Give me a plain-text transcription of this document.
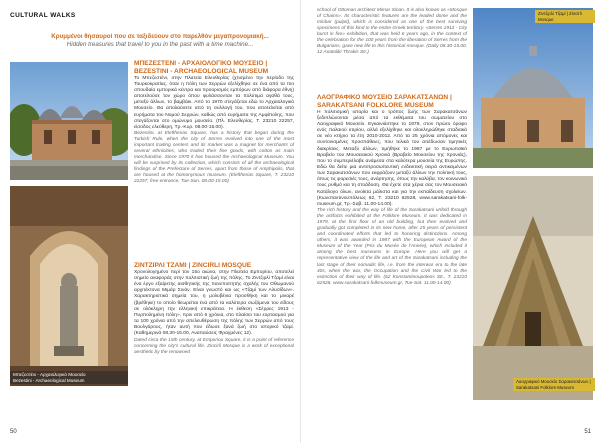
CULTURAL WALKS
Κρυμμένοι θησαυροί που σε ταξιδεύουν στο παρελθόν μεγαπρονομιακή...
Hidden treasures that travel to you in the past with a time machine...
ΜΠΕΖΕΣΤΕΝΙ - ΑΡΧΑΙΟΛΟΓΙΚΟ ΜΟΥΣΕΙΟ |
BEZESTINI - ARCHAEOLOGICAL MUSEUM

Το Μπεζεστένι, στην Πλατεία Ελευθερίας (χτισμένο την περίοδο της Τουρκοκρατίας, όταν η πόλη των Σερρών εξελίχθηκε σε ένα από τα πιο σπουδαία εμπορικά κέντρα και προορισμός εμπόρων από διάφορα έθνη) αποτελούσε τον χώρο όπου φυλάσσονταν τα πολύτιμα αγαθά τους, μεταξύ άλλων, το βαμβάκι. Από το 1970 στεγάζεται εδώ το Αρχαιολογικό Μουσείο. Θα απολαύσετε από τη συλλογή του, που αποτελείται από ευρήματα του Νομού Σερρών, καθώς από ευρήματα της Αμφίπολης, που στεγάζονται στο ομώνυμο μουσείο. (Πλ. Ελευθερίας, Τ. 23210 22257, είσοδος ελεύθερη, Τρ.-Κυρ. 08.00-15.00).

Bezestini, at Eleftherias Square, has a history that began during the Turkish Rule, when the city of Serres evolved into one of the most important trading centers and its market was a magnet for merchants of several ethnicities, who traded their fine goods, with cotton as main merchandise. Since 1970 it has housed the Archaeological Museum. You will be surprised by its collection, which consists of all the archaeological findings of the Prefecture of Serres, apart from those of Amphipolis, that are housed at the homonymous museum. (Eleftherias Square, T. 23210 22257, free entrance, Tue-Sun. 08.00-15.00)

Μπεζεστένι - Αρχαιολογικό Μουσείο
Bezestini - Archaeological Museum
ΖΙΝΤΖΙΡΛΙ ΤΖΑΜΙ | ZINCIRLI MOSQUE

Χρονολογημένο περί τον 15ο αιώνα, στην Πλατεία Εμπορίου, αποτελεί σημείο αναφοράς στην πολιτιστική ζωή της πόλης. Το Ζιντζιρλί Τζαμί είναι ένα έργο εξαίρετης αισθητικής της πανεπιστητής σχολής του Οθωμανού αρχιτέκτονα Μιμάρ Σινάν. Είναι γνωστό και ως «Τζαμί των Αλυσίδων». Χαρακτηριστικά σημεία του, η μολυβένια προσθήκη και το μιναρέ (βρέθηκε) το οποίο θεωρείται ένα από τα καλύτερα σωζόμενα του είδους σε ολόκληρη την ελληνική επικράτεια. Η έκθεση «Σέρρες 1913 - Πυρπολημένη πόλη», πριν από 6 χρόνια, στο πλαίσιο του εορτασμού για τα 100 χρόνια από την απελευθέρωση της πόλης των Σερρών από τους Βουλγάρους, ήταν αυτή που έδωσε ξανά ζωή στο ιστορικό τζαμί. (Καθημερινά 08.30-15.00, Αναπαύσεις Φραγμένες 12).

Dated circa the 15th century, at Emporiou Square, it is a point of reference concerning the city's cultural life. Zincirli Mosque is a work of exceptional aesthetic by the renowned

50

school of Ottoman architect Mimar Sinan. It is also known as «Mosque of Chains». Its characteristic features are the leaded dome and the minbar (pulpit), which is considered as one of the best surviving specimens of this kind in the entire Greek territory. «Serres 1913 - City burnt in fire» exhibition, that was held 6 years ago, in the context of the celebration for the 100 years from the liberation of Serres from the Bulgarians, gave new life to this historical mosque. (Daily 08.30-15.00, 12 Anatoliki Thrakis Str.)

Ζιντζιρλί Τζαμί | Zincirli Mosque
ΛΑΟΓΡΑΦΙΚΟ ΜΟΥΣΕΙΟ ΣΑΡΑΚΑΤΣΑΝΩΝ |
SARAKATSANI FOLKLORE MUSEUM

Η πολιτισμική ιστορία και ο τρόπος ζωής των Σαρακατσάνων ξεδιπλώνονται μέσα από τα εκθέματα του σωματείου στο Λαογραφικό Μουσείο. Εγκαινιάστηκε το 1979, στον πρώτο όροφο ενός παλαιού κτιρίου, αλλά εξελίχθηκε και ολοκληρώθηκε σταδιακά σε νέο κτήριο τα έτη 2010-2012. Από τα 25 χρόνια απόμονες και συντονισμένες προσπάθειες, που τελικά του απέδωσαν τιμητικές διακρίσεις. Μεταξύ άλλων, τιμήθηκε το 1987 με το Ευρωπαϊκό Βραβείο του Μουσειακού Χρονιά (Βραβείο Μουσείου της Χρονιάς), που το συμπεριέλαβε ανάμεσα στα καλύτερα μουσεία της Ευρώπης. Εδώ θα δείτε μια αντιπροσωπευτική ενδεικτική σειρά αντικειμένων των Σαρακατσάνων που εκφράζουν μεταξύ άλλων την πολιτική τους, όπως τις φορεσιές τους, ανάρτησης, όπως την καλύβα, τον κοινωνικό τους ρυθμό και τη στοάδοση. Θα έχετε στα χέρια σας τον Μουσειακό Κατάλογο όλων, ανοίκτα μάλιστα και για την εκπαίδευση σχολείων. (Κωνσταντινουπόλεως 62, Τ. 23210 62528, www.sarakatsani-folk-museum.gr, Τρ.-Σαβ. 11.00-14.00).

The rich history and the way of life of the Sarakatsani unfold through the artifacts exhibited at the Folklore Museum. It was dedicated in 1979, at the first floor of an old building, but then evolved and gradually got completed in its new home, after 25 years of persistent and coordinated efforts that led to honoring distinctions. Among others, it was awarded in 1987 with the European Award of the Museum of the Year (Prix du Musée de l'Année), which included it among the best museums in Europe. Here you will get a representative view of the life and art of the Sarakatsani including the last stage of their nomadic life, i.e. from the interwar era to the late 40s, when the war, the Occupation and the Civil War led to the extinction of their way of life. (62 Konstantinoupoleos Str., T. 23210 62528, www.sarakatsani-folkmuseum.gr, Tue-Sat. 11.00-14.00)

Λαογραφικό Μουσείο Σαρακατσάνων |
Sarakatsani Folklore Museum
51
